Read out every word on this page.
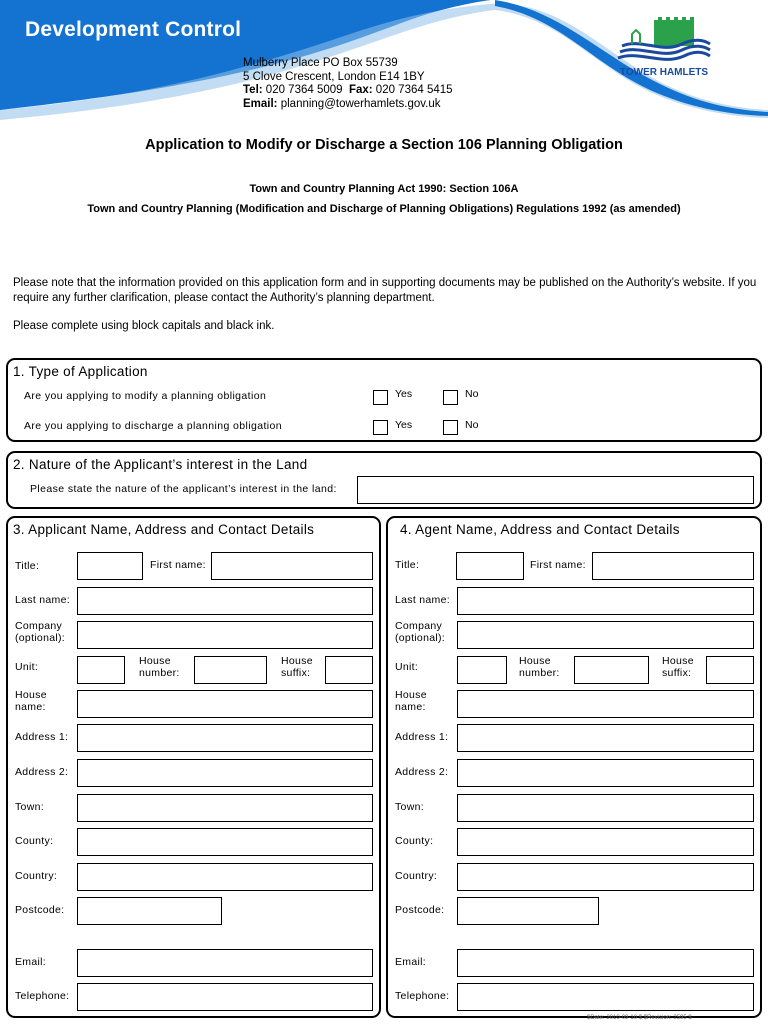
Development Control
Mulberry Place PO Box 55739
5 Clove Crescent, London E14 1BY
Tel: 020 7364 5009 Fax: 020 7364 5415
Email: planning@towerhamlets.gov.uk
TOWER HAMLETS
Application to Modify or Discharge a Section 106 Planning Obligation
Town and Country Planning Act 1990: Section 106A
Town and Country Planning (Modification and Discharge of Planning Obligations) Regulations 1992 (as amended)
Please note that the information provided on this application form and in supporting documents may be published on the Authority’s website. If you require any further clarification, please contact the Authority’s planning department.
Please complete using block capitals and black ink.
1. Type of Application
Are you applying to modify a planning obligation	Yes	No
Are you applying to discharge a planning obligation	Yes	No
2. Nature of the Applicant’s interest in the Land
Please state the nature of the applicant’s interest in the land:
3. Applicant Name, Address and Contact Details
Title:	First name:
Last name:
Company (optional):
Unit:	House number:
House suffix:
House name:
Address 1:
Address 2:
Town:
County:
Country:
Postcode:
Email:
Telephone:
4. Agent Name, Address and Contact Details
Title:	First name:
Last name:
Company (optional):
Unit:	House number:
House suffix:
House name:
Address 1:
Address 2:
Town:
County:
Country:
Postcode:
Email:
Telephone:
$Date: 2010-09-10 $ $Revision: 2595 $
